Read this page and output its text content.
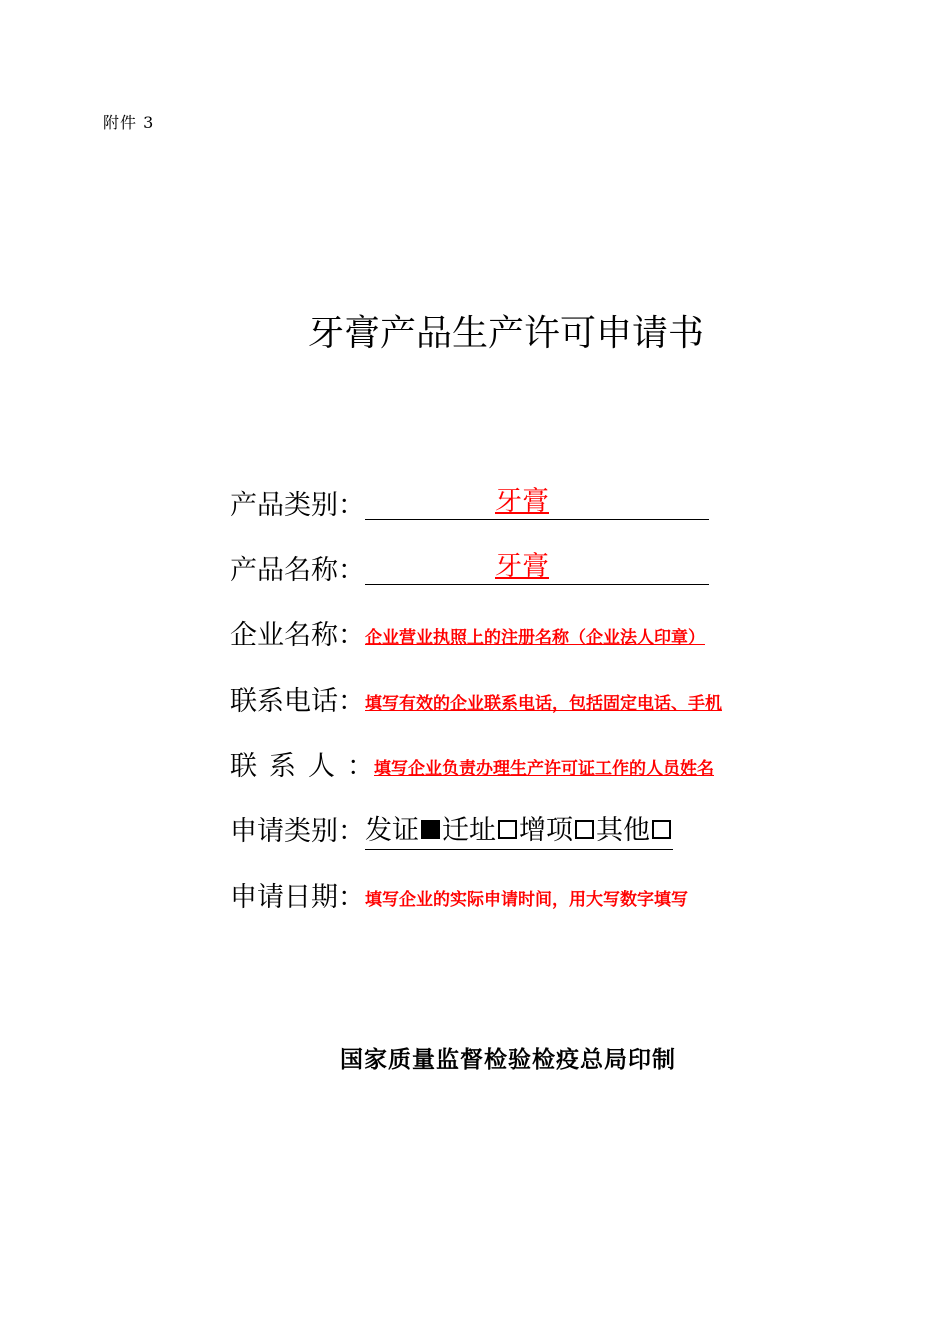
附件 3
牙膏产品生产许可申请书
产品类别：	牙膏
产品名称：	牙膏
企业名称： 企业营业执照上的注册名称（企业法人印章）
联系电话： 填写有效的企业联系电话，包括固定电话、手机
联系人： 填写企业负责办理生产许可证工作的人员姓名
申请类别： 发证 迁址 增项 其他
申请日期： 填写企业的实际申请时间，用大写数字填写
国家质量监督检验检疫总局印制
